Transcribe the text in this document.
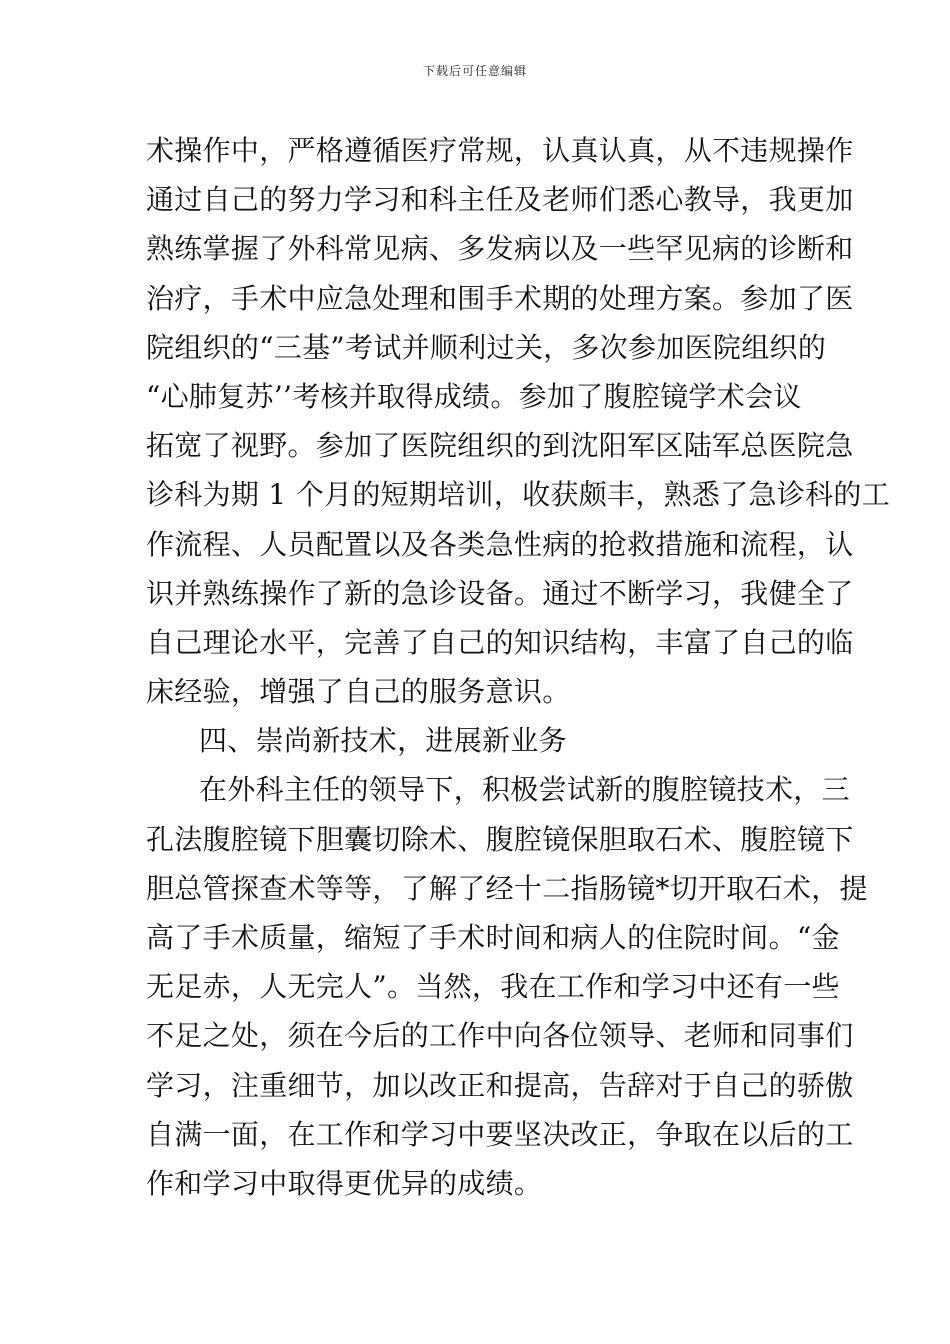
下载后可任意编辑
术操作中，严格遵循医疗常规，认真认真，从不违规操作
通过自己的努力学习和科主任及老师们悉心教导，我更加
熟练掌握了外科常见病、多发病以及一些罕见病的诊断和
治疗，手术中应急处理和围手术期的处理方案。参加了医
院组织的“三基”考试并顺利过关，多次参加医院组织的
“心肺复苏’’考核并取得成绩。参加了腹腔镜学术会议
拓宽了视野。参加了医院组织的到沈阳军区陆军总医院急
诊科为期 1 个月的短期培训，收获颇丰，熟悉了急诊科的工
作流程、人员配置以及各类急性病的抢救措施和流程，认
识并熟练操作了新的急诊设备。通过不断学习，我健全了
自己理论水平，完善了自己的知识结构，丰富了自己的临
床经验，增强了自己的服务意识。
四、崇尚新技术，进展新业务
在外科主任的领导下，积极尝试新的腹腔镜技术，三
孔法腹腔镜下胆囊切除术、腹腔镜保胆取石术、腹腔镜下
胆总管探查术等等，了解了经十二指肠镜*切开取石术，提
高了手术质量，缩短了手术时间和病人的住院时间。“金
无足赤，人无完人”。当然，我在工作和学习中还有一些
不足之处，须在今后的工作中向各位领导、老师和同事们
学习，注重细节，加以改正和提高，告辞对于自己的骄傲
自满一面，在工作和学习中要坚决改正，争取在以后的工
作和学习中取得更优异的成绩。
